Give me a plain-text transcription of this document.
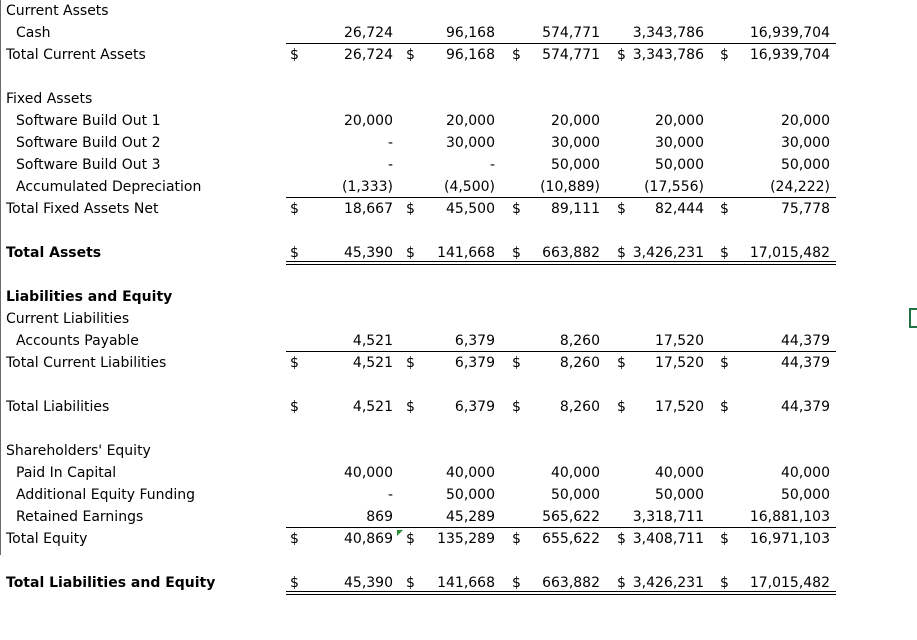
Current Assets
Cash	26,724	96,168	574,771	3,343,786	16,939,704
Total Current Assets	$	26,724 $	96,168 $	574,771 $ 3,343,786 $	16,939,704
Fixed Assets
Software Build Out 1	20,000	20,000	20,000	20,000	20,000
Software Build Out 2	-	30,000	30,000	30,000	30,000
Software Build Out 3	-	-	50,000	50,000	50,000
Accumulated Depreciation	(1,333)	(4,500)	(10,889)	(17,556)	(24,222)
Total Fixed Assets Net	$	18,667 $	45,500 $	89,111 $	82,444 $	75,778
Total Assets	$	45,390 $	141,668 $	663,882 $ 3,426,231 $	17,015,482
Liabilities and Equity
Current Liabilities
Accounts Payable	4,521	6,379	8,260	17,520	44,379
Total Current Liabilities	$	4,521 $	6,379 $	8,260 $	17,520 $	44,379
Total Liabilities	$	4,521 $	6,379 $	8,260 $	17,520 $	44,379
Shareholders' Equity
Paid In Capital	40,000	40,000	40,000	40,000	40,000
Additional Equity Funding	-	50,000	50,000	50,000	50,000
Retained Earnings	869	45,289	565,622	3,318,711	16,881,103
Total Equity	$	40,869 $	135,289 $	655,622 $ 3,408,711 $	16,971,103
Total Liabilities and Equity	$	45,390 $	141,668 $	663,882 $ 3,426,231 $	17,015,482
